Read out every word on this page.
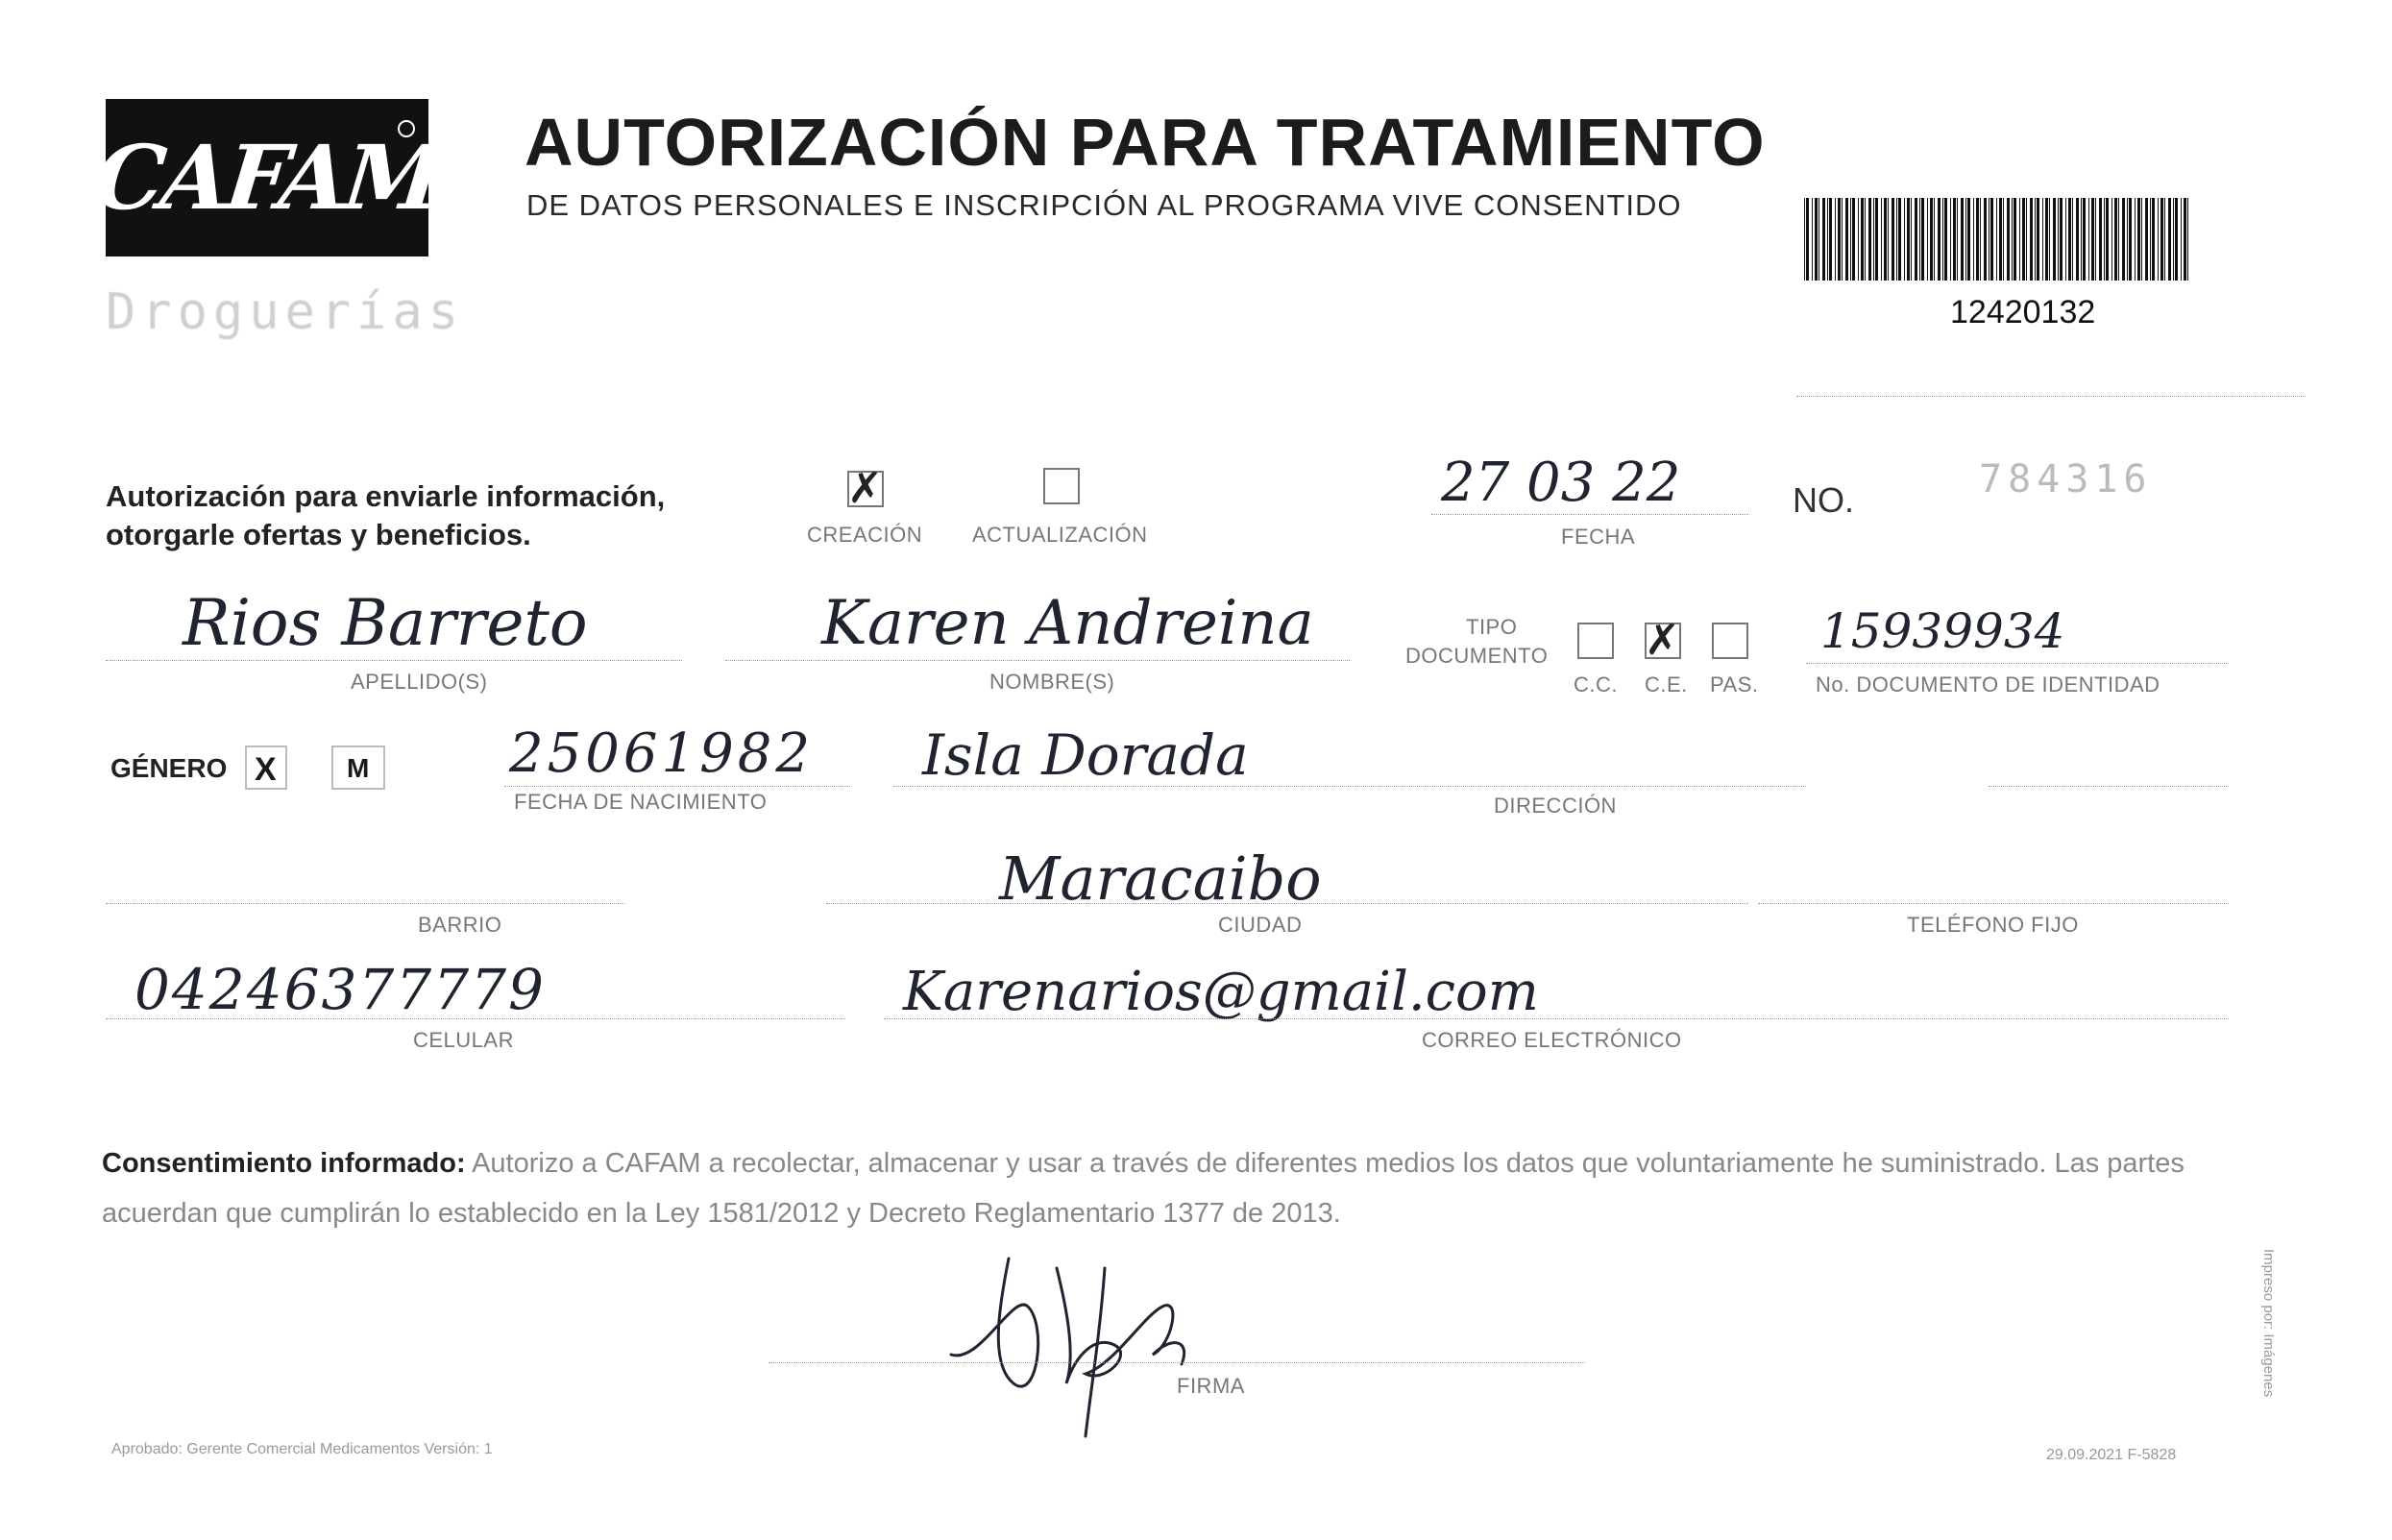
CAFAM
Droguerías
AUTORIZACIÓN PARA TRATAMIENTO
DE DATOS PERSONALES E INSCRIPCIÓN AL PROGRAMA VIVE CONSENTIDO
12420132
Autorización para enviarle información,
otorgarle ofertas y beneficios.
✗
CREACIÓN ACTUALIZACIÓN
27 03 22
FECHA
NO.	784316
Rios Barreto
APELLIDO(S)
Karen Andreina
NOMBRE(S)
TIPO
DOCUMENTO
C.C.
✗
C.E. PAS.
15939934
No. DOCUMENTO DE IDENTIDAD
GÉNERO X	M	25061982
FECHA DE NACIMIENTO
Isla Dorada
DIRECCIÓN
BARRIO
Maracaibo
CIUDAD	TELÉFONO FIJO
04246377779
CELULAR
Karenarios@gmail.com
CORREO ELECTRÓNICO
Consentimiento informado: Autorizo a CAFAM a recolectar, almacenar y usar a través de diferentes medios los datos que voluntariamente he suministrado. Las partes acuerdan que cumplirán lo establecido en la Ley 1581/2012 y Decreto Reglamentario 1377 de 2013.
FIRMA
Aprobado: Gerente Comercial Medicamentos Versión: 1	29.09.2021 F-5828
Impreso por: Imágenes
